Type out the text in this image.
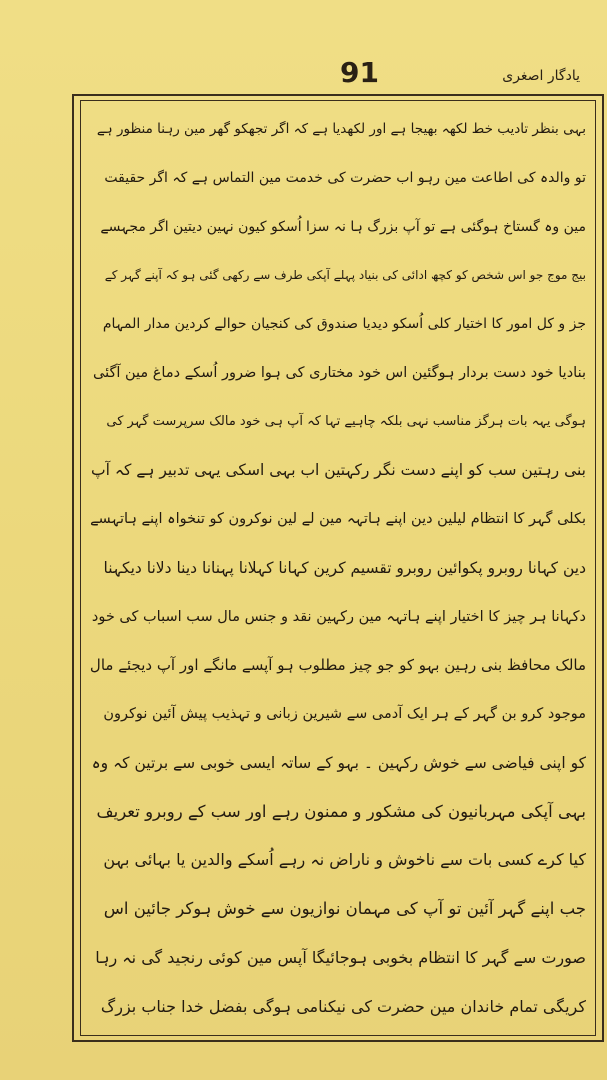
91	یادگار اصغری
بہی بنظر تادیب خط لکھہ بھیجا ہے اور لکھدیا ہے کہ اگر تجھکو گھر مین رہنا منظور ہے
تو والدہ کی اطاعت مین رہو اب حضرت کی خدمت مین التماس ہے کہ اگر حقیقت
مین وہ گستاخ ہوگئی ہے تو آپ بزرگ ہا نہ سزا اُسکو کیون نہین دیتین اگر مجہسے
بیج موج جو اس شخص کو کچھ ادائی کی بنیاد پہلے آپکی طرف سے رکھی گئی ہو کہ آپنے گہر کے
جز و کل امور کا اختیار کلی اُسکو دیدیا صندوق کی کنجیان حوالے کردین مدار المہام
بنادیا خود دست بردار ہوگئین اس خود مختاری کی ہوا ضرور اُسکے دماغ مین آگئی
ہوگی یہہ بات ہرگز مناسب نہی بلکہ چاہیے تہا کہ آپ ہی خود مالک سرپرست گہر کی
بنی رہتین سب کو اپنے دست نگر رکہتین اب بہی اسکی یہی تدبیر ہے کہ آپ
بکلی گہر کا انتظام لیلین دین اپنے ہاتہہ مین لے لین نوکرون کو تنخواہ اپنے ہاتہسے
دین کہانا روبرو پکوائین روبرو تقسیم کرین کہانا کہلانا پہنانا دینا دلانا دیکہنا
دکہانا ہر چیز کا اختیار اپنے ہاتہہ مین رکہین نقد و جنس مال سب اسباب کی خود
مالک محافظ بنی رہین بہو کو جو چیز مطلوب ہو آپسے مانگے اور آپ دیجئے مال
موجود کرو بن گہر کے ہر ایک آدمی سے شیرین زبانی و تہذیب پیش آئین نوکرون
کو اپنی فیاضی سے خوش رکہین ۔ بہو کے ساتہ ایسی خوبی سے برتین کہ وہ
بہی آپکی مہربانیون کی مشکور و ممنون رہے اور سب کے روبرو تعریف
کیا کرے کسی بات سے ناخوش و ناراض نہ رہے اُسکے والدین یا بہائی بہن
جب اپنے گہر آئین تو آپ کی مہمان نوازیون سے خوش ہوکر جائین اس
صورت سے گہر کا انتظام بخوبی ہوجائیگا آپس مین کوئی رنجید گی نہ رہا
کریگی تمام خاندان مین حضرت کی نیکنامی ہوگی بفضل خدا جناب بزرگ
